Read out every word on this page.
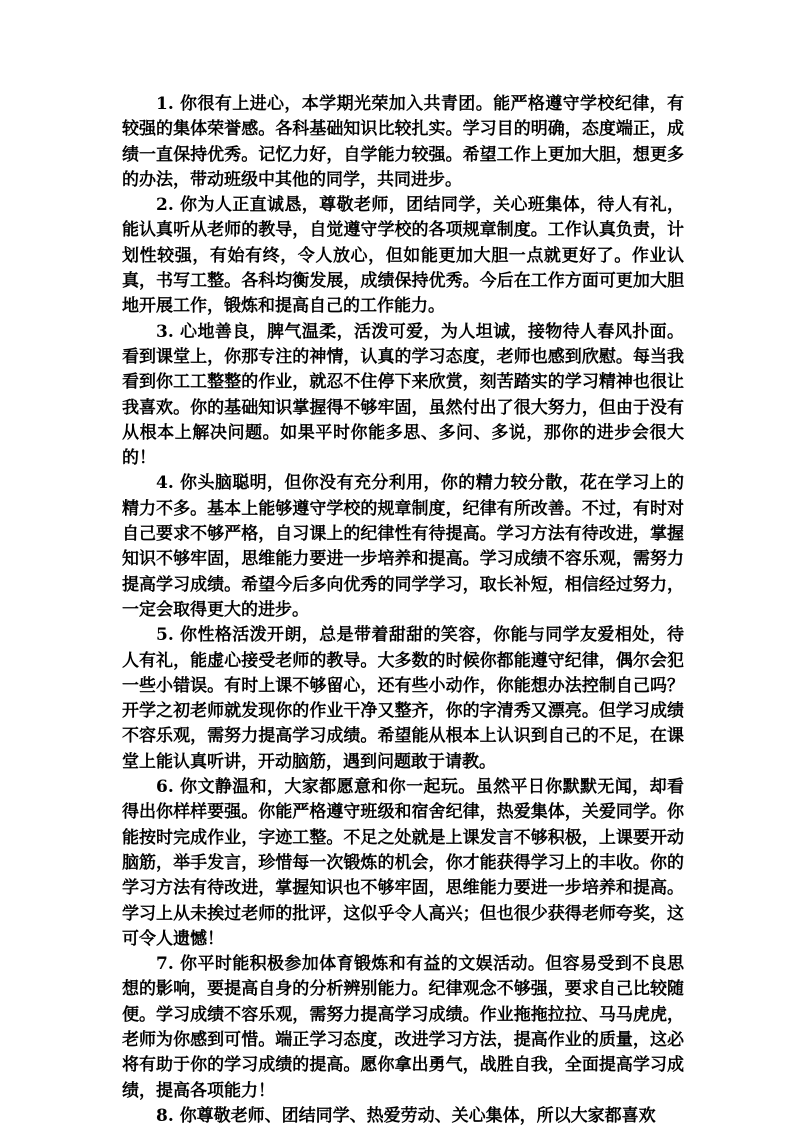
1. 你很有上进心，本学期光荣加入共青团。能严格遵守学校纪律，有较强的集体荣誉感。各科基础知识比较扎实。学习目的明确，态度端正，成绩一直保持优秀。记忆力好，自学能力较强。希望工作上更加大胆，想更多的办法，带动班级中其他的同学，共同进步。

2. 你为人正直诚恳，尊敬老师，团结同学，关心班集体，待人有礼，能认真听从老师的教导，自觉遵守学校的各项规章制度。工作认真负责，计划性较强，有始有终，令人放心，但如能更加大胆一点就更好了。作业认真，书写工整。各科均衡发展，成绩保持优秀。今后在工作方面可更加大胆地开展工作，锻炼和提高自己的工作能力。

3. 心地善良，脾气温柔，活泼可爱，为人坦诚，接物待人春风扑面。看到课堂上，你那专注的神情，认真的学习态度，老师也感到欣慰。每当我看到你工工整整的作业，就忍不住停下来欣赏，刻苦踏实的学习精神也很让我喜欢。你的基础知识掌握得不够牢固，虽然付出了很大努力，但由于没有从根本上解决问题。如果平时你能多思、多问、多说，那你的进步会很大的！

4. 你头脑聪明，但你没有充分利用，你的精力较分散，花在学习上的精力不多。基本上能够遵守学校的规章制度，纪律有所改善。不过，有时对自己要求不够严格，自习课上的纪律性有待提高。学习方法有待改进，掌握知识不够牢固，思维能力要进一步培养和提高。学习成绩不容乐观，需努力提高学习成绩。希望今后多向优秀的同学学习，取长补短，相信经过努力，一定会取得更大的进步。

5. 你性格活泼开朗，总是带着甜甜的笑容，你能与同学友爱相处，待人有礼，能虚心接受老师的教导。大多数的时候你都能遵守纪律，偶尔会犯一些小错误。有时上课不够留心，还有些小动作，你能想办法控制自己吗？开学之初老师就发现你的作业干净又整齐，你的字清秀又漂亮。但学习成绩不容乐观，需努力提高学习成绩。希望能从根本上认识到自己的不足，在课堂上能认真听讲，开动脑筋，遇到问题敢于请教。

6. 你文静温和，大家都愿意和你一起玩。虽然平日你默默无闻，却看得出你样样要强。你能严格遵守班级和宿舍纪律，热爱集体，关爱同学。你能按时完成作业，字迹工整。不足之处就是上课发言不够积极，上课要开动脑筋，举手发言，珍惜每一次锻炼的机会，你才能获得学习上的丰收。你的学习方法有待改进，掌握知识也不够牢固，思维能力要进一步培养和提高。学习上从未挨过老师的批评，这似乎令人高兴；但也很少获得老师夸奖，这可令人遗憾！

7. 你平时能积极参加体育锻炼和有益的文娱活动。但容易受到不良思想的影响，要提高自身的分析辨别能力。纪律观念不够强，要求自己比较随便。学习成绩不容乐观，需努力提高学习成绩。作业拖拖拉拉、马马虎虎，老师为你感到可惜。端正学习态度，改进学习方法，提高作业的质量，这必将有助于你的学习成绩的提高。愿你拿出勇气，战胜自我，全面提高学习成绩，提高各项能力！

8. 你尊敬老师、团结同学、热爱劳动、关心集体，所以大家都喜欢
